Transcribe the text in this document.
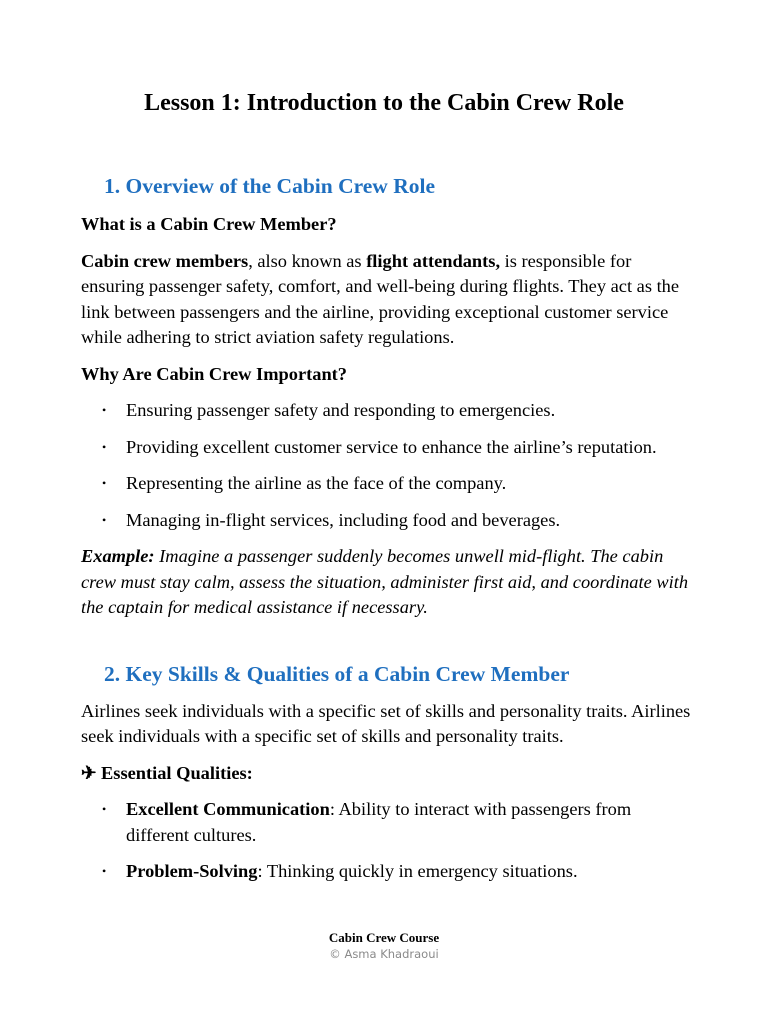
Lesson 1: Introduction to the Cabin Crew Role
1. Overview of the Cabin Crew Role
What is a Cabin Crew Member?

Cabin crew members, also known as flight attendants, is responsible for ensuring passenger safety, comfort, and well-being during flights. They act as the link between passengers and the airline, providing exceptional customer service while adhering to strict aviation safety regulations.

Why Are Cabin Crew Important?
• Ensuring passenger safety and responding to emergencies.
• Providing excellent customer service to enhance the airline’s reputation.
• Representing the airline as the face of the company.
• Managing in-flight services, including food and beverages.

Example: Imagine a passenger suddenly becomes unwell mid-flight. The cabin crew must stay calm, assess the situation, administer first aid, and coordinate with the captain for medical assistance if necessary.

2. Key Skills & Qualities of a Cabin Crew Member

Airlines seek individuals with a specific set of skills and personality traits. Airlines seek individuals with a specific set of skills and personality traits.

✈ Essential Qualities:
• Excellent Communication: Ability to interact with passengers from different cultures.
• Problem-Solving: Thinking quickly in emergency situations.
Cabin Crew Course
© Asma Khadraoui
